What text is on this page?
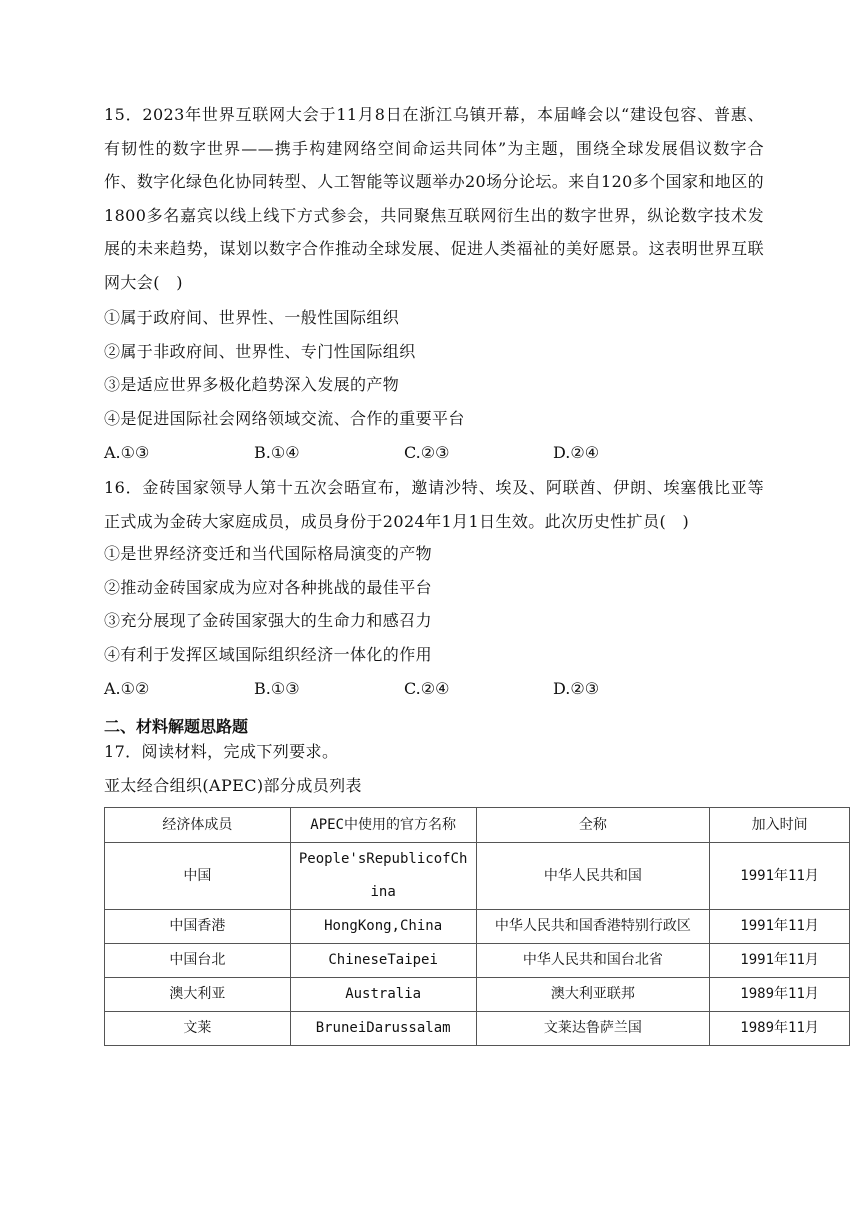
15．2023年世界互联网大会于11月8日在浙江乌镇开幕，本届峰会以“建设包容、普惠、有韧性的数字世界——携手构建网络空间命运共同体”为主题，围绕全球发展倡议数字合作、数字化绿色化协同转型、人工智能等议题举办20场分论坛。来自120多个国家和地区的1800多名嘉宾以线上线下方式参会，共同聚焦互联网衍生出的数字世界，纵论数字技术发展的未来趋势，谋划以数字合作推动全球发展、促进人类福祉的美好愿景。这表明世界互联网大会(　)
①属于政府间、世界性、一般性国际组织
②属于非政府间、世界性、专门性国际组织
③是适应世界多极化趋势深入发展的产物
④是促进国际社会网络领域交流、合作的重要平台
A.①③	B.①④	C.②③	D.②④
16．金砖国家领导人第十五次会晤宣布，邀请沙特、埃及、阿联酋、伊朗、埃塞俄比亚等正式成为金砖大家庭成员，成员身份于2024年1月1日生效。此次历史性扩员(　)
①是世界经济变迁和当代国际格局演变的产物
②推动金砖国家成为应对各种挑战的最佳平台
③充分展现了金砖国家强大的生命力和感召力
④有利于发挥区域国际组织经济一体化的作用
A.①②	B.①③	C.②④	D.②③
二、材料解题思路题
17．阅读材料，完成下列要求。
亚太经合组织(APEC)部分成员列表
经济体成员	APEC中使用的官方名称	全称	加入时间
中国	People'sRepublicofChina	中华人民共和国	1991年11月
中国香港	HongKong,China	中华人民共和国香港特别行政区	1991年11月
中国台北	ChineseTaipei	中华人民共和国台北省	1991年11月
澳大利亚	Australia	澳大利亚联邦	1989年11月
文莱	BruneiDarussalam	文莱达鲁萨兰国	1989年11月
